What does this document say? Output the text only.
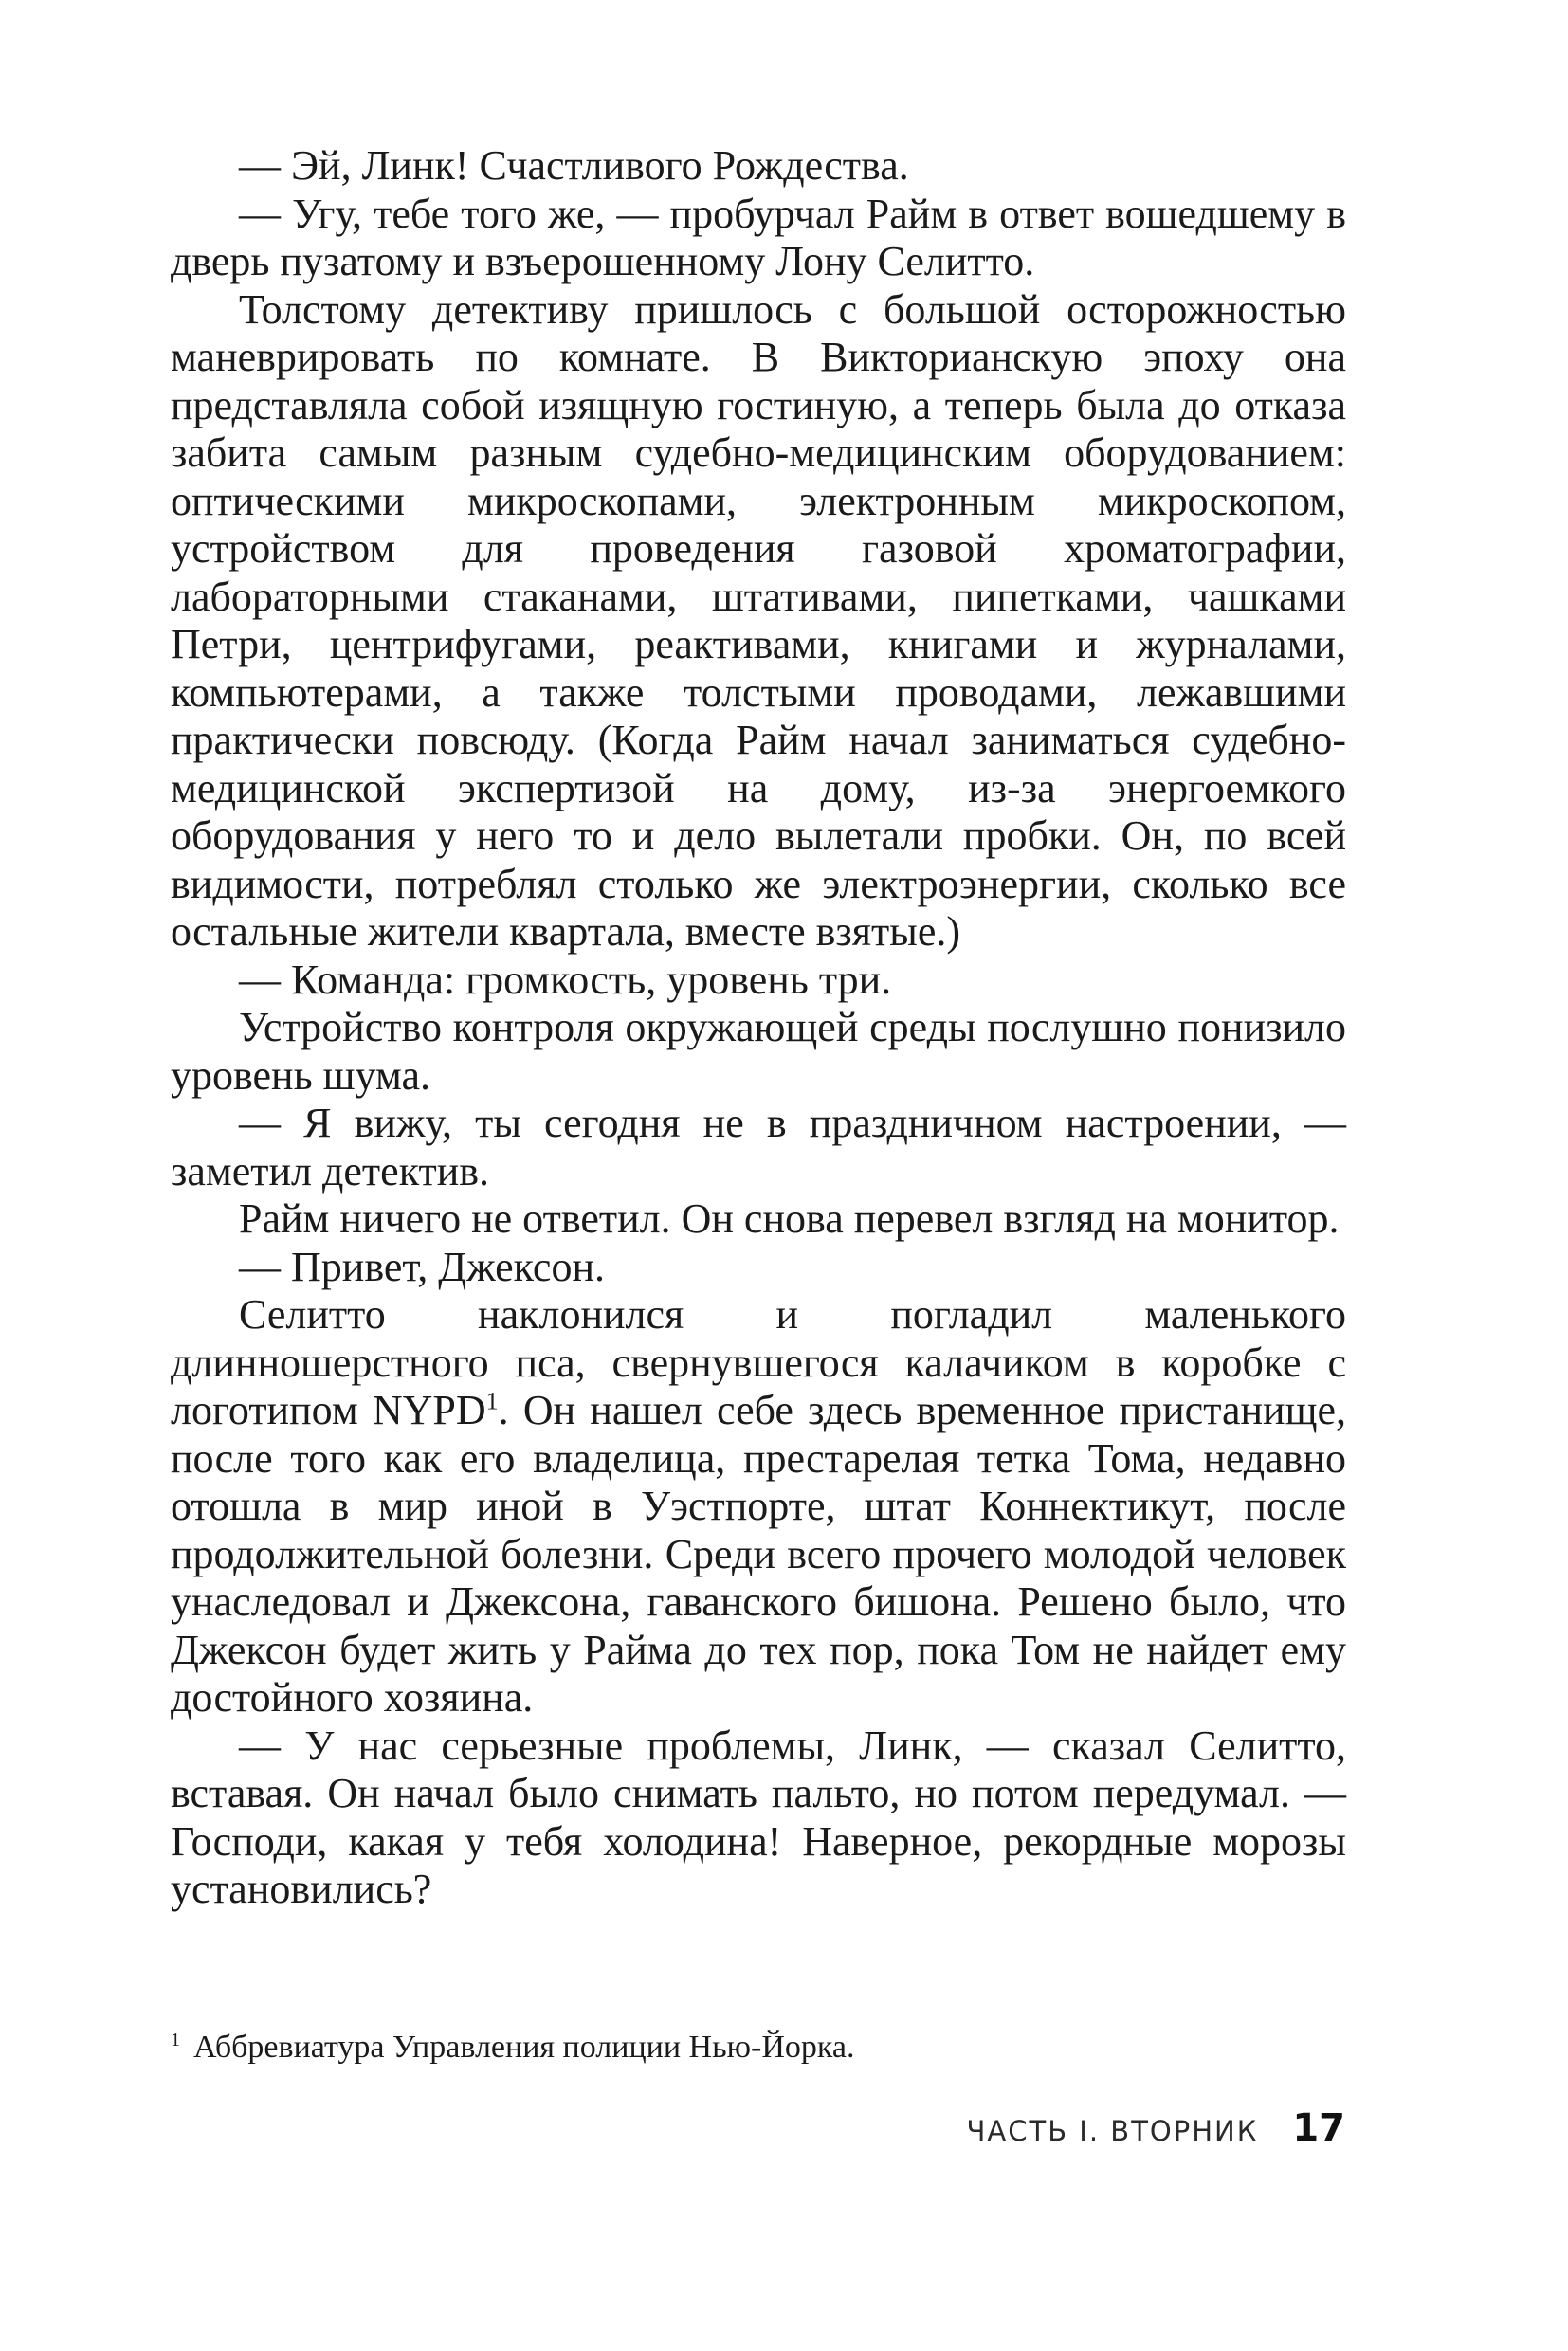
— Эй, Линк! Счастливого Рождества.

— Угу, тебе того же, — пробурчал Райм в ответ вошедшему в дверь пузатому и взъерошенному Лону Селитто.

Толстому детективу пришлось с большой осторожностью маневрировать по комнате. В Викторианскую эпоху она представляла собой изящную гостиную, а теперь была до отказа забита самым разным судебно-медицинским оборудованием: оптическими микроскопами, электронным микроскопом, устройством для проведения газовой хроматографии, лабораторными стаканами, штативами, пипетками, чашками Петри, центрифугами, реактивами, книгами и журналами, компьютерами, а также толстыми проводами, лежавшими практически повсюду. (Когда Райм начал заниматься судебно-медицинской экспертизой на дому, из-за энергоемкого оборудования у него то и дело вылетали пробки. Он, по всей видимости, потреблял столько же электроэнергии, сколько все остальные жители квартала, вместе взятые.)

— Команда: громкость, уровень три.

Устройство контроля окружающей среды послушно понизило уровень шума.

— Я вижу, ты сегодня не в праздничном настроении, — заметил детектив.

Райм ничего не ответил. Он снова перевел взгляд на монитор.

— Привет, Джексон.

Селитто наклонился и погладил маленького длинношерстного пса, свернувшегося калачиком в коробке с логотипом NYPD$^1$. Он нашел себе здесь временное пристанище, после того как его владелица, престарелая тетка Тома, недавно отошла в мир иной в Уэстпорте, штат Коннектикут, после продолжительной болезни. Среди всего прочего молодой человек унаследовал и Джексона, гаванского бишона. Решено было, что Джексон будет жить у Райма до тех пор, пока Том не найдет ему достойного хозяина.

— У нас серьезные проблемы, Линк, — сказал Селитто, вставая. Он начал было снимать пальто, но потом передумал. — Господи, какая у тебя холодина! Наверное, рекордные морозы установились?

$^1$ Аббревиатура Управления полиции Нью-Йорка.
ЧАСТЬ I. ВТОРНИК 17
